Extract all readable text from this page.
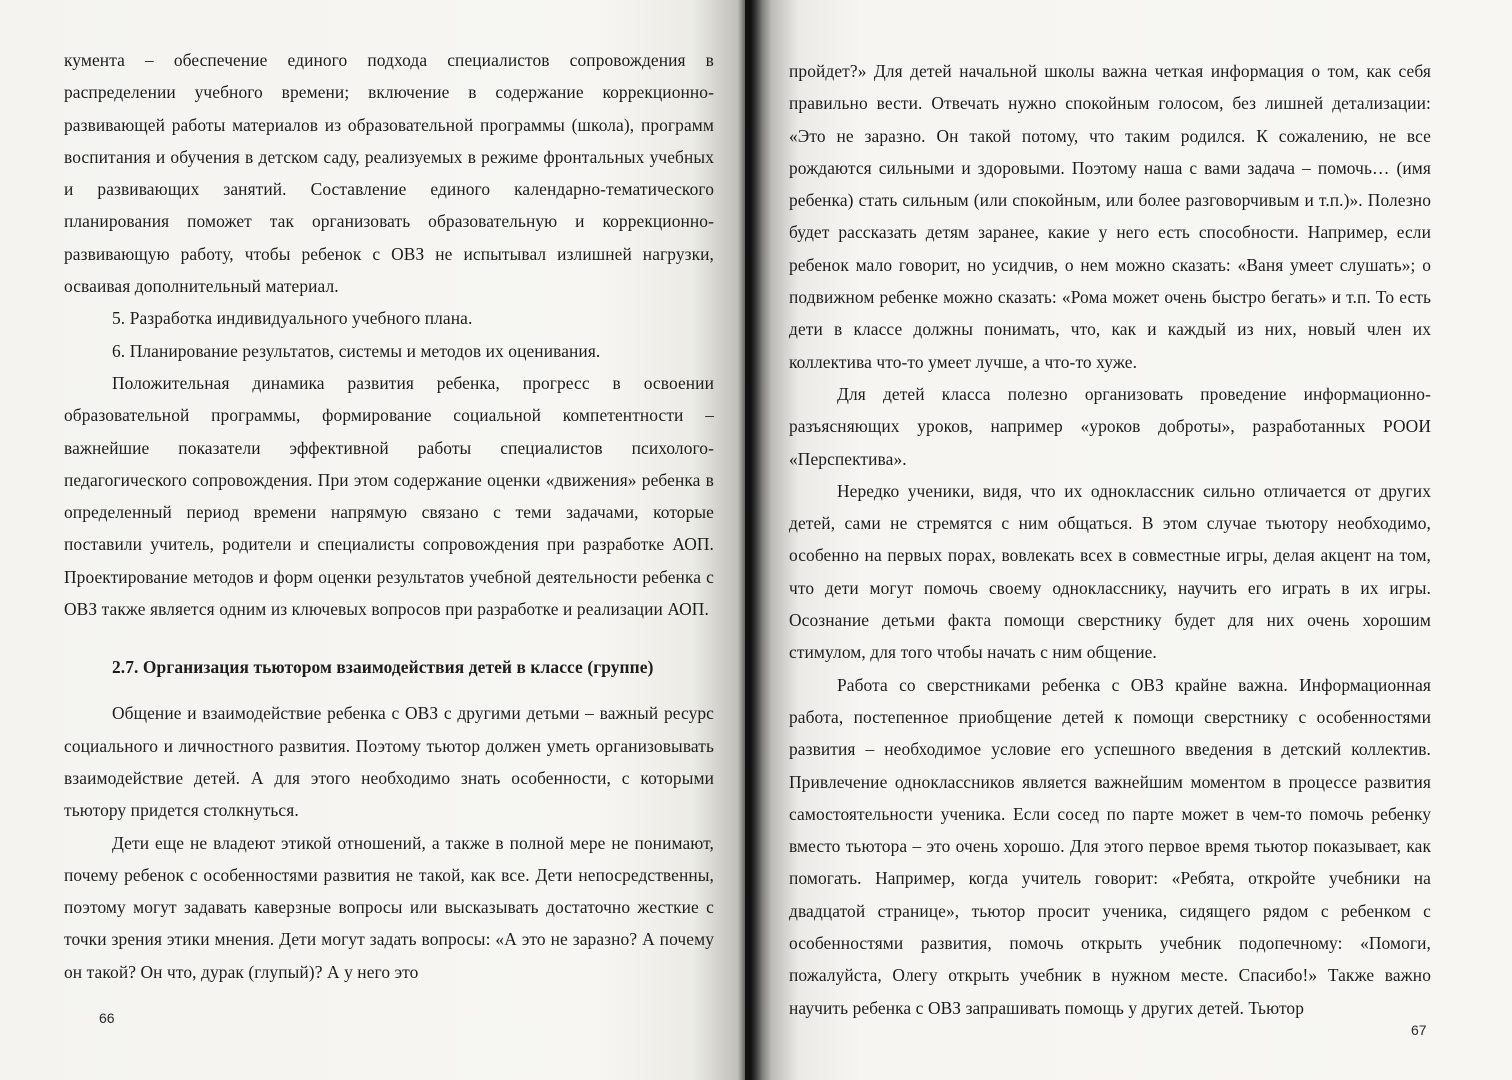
кумента – обеспечение единого подхода специалистов сопровождения в распределении учебного времени; включение в содержание коррекционно-развивающей работы материалов из образовательной программы (школа), программ воспитания и обучения в детском саду, реализуемых в режиме фронтальных учебных и развивающих занятий. Составление единого календарно-тематического планирования поможет так организовать образовательную и коррекционно-развивающую работу, чтобы ребенок с ОВЗ не испытывал излишней нагрузки, осваивая дополнительный материал.

5. Разработка индивидуального учебного плана.

6. Планирование результатов, системы и методов их оценивания.

Положительная динамика развития ребенка, прогресс в освоении образовательной программы, формирование социальной компетентности – важнейшие показатели эффективной работы специалистов психолого-педагогического сопровождения. При этом содержание оценки «движения» ребенка в определенный период времени напрямую связано с теми задачами, которые поставили учитель, родители и специалисты сопровождения при разработке АОП. Проектирование методов и форм оценки результатов учебной деятельности ребенка с ОВЗ также является одним из ключевых вопросов при разработке и реализации АОП.

2.7. Организация тьютором взаимодействия детей в классе (группе)

Общение и взаимодействие ребенка с ОВЗ с другими детьми – важный ресурс социального и личностного развития. Поэтому тьютор должен уметь организовывать взаимодействие детей. А для этого необходимо знать особенности, с которыми тьютору придется столкнуться.

Дети еще не владеют этикой отношений, а также в полной мере не понимают, почему ребенок с особенностями развития не такой, как все. Дети непосредственны, поэтому могут задавать каверзные вопросы или высказывать достаточно жесткие с точки зрения этики мнения. Дети могут задать вопросы: «А это не заразно? А почему он такой? Он что, дурак (глупый)? А у него это

66

пройдет?» Для детей начальной школы важна четкая информация о том, как себя правильно вести. Отвечать нужно спокойным голосом, без лишней детализации: «Это не заразно. Он такой потому, что таким родился. К сожалению, не все рождаются сильными и здоровыми. Поэтому наша с вами задача – помочь… (имя ребенка) стать сильным (или спокойным, или более разговорчивым и т.п.)». Полезно будет рассказать детям заранее, какие у него есть способности. Например, если ребенок мало говорит, но усидчив, о нем можно сказать: «Ваня умеет слушать»; о подвижном ребенке можно сказать: «Рома может очень быстро бегать» и т.п. То есть дети в классе должны понимать, что, как и каждый из них, новый член их коллектива что-то умеет лучше, а что-то хуже.

Для детей класса полезно организовать проведение информационно-разъясняющих уроков, например «уроков доброты», разработанных РООИ «Перспектива».

Нередко ученики, видя, что их одноклассник сильно отличается от других детей, сами не стремятся с ним общаться. В этом случае тьютору необходимо, особенно на первых порах, вовлекать всех в совместные игры, делая акцент на том, что дети могут помочь своему однокласснику, научить его играть в их игры. Осознание детьми факта помощи сверстнику будет для них очень хорошим стимулом, для того чтобы начать с ним общение.

Работа со сверстниками ребенка с ОВЗ крайне важна. Информационная работа, постепенное приобщение детей к помощи сверстнику с особенностями развития – необходимое условие его успешного введения в детский коллектив. Привлечение одноклассников является важнейшим моментом в процессе развития самостоятельности ученика. Если сосед по парте может в чем-то помочь ребенку вместо тьютора – это очень хорошо. Для этого первое время тьютор показывает, как помогать. Например, когда учитель говорит: «Ребята, откройте учебники на двадцатой странице», тьютор просит ученика, сидящего рядом с ребенком с особенностями развития, помочь открыть учебник подопечному: «Помоги, пожалуйста, Олегу открыть учебник в нужном месте. Спасибо!» Также важно научить ребенка с ОВЗ запрашивать помощь у других детей. Тьютор

67
